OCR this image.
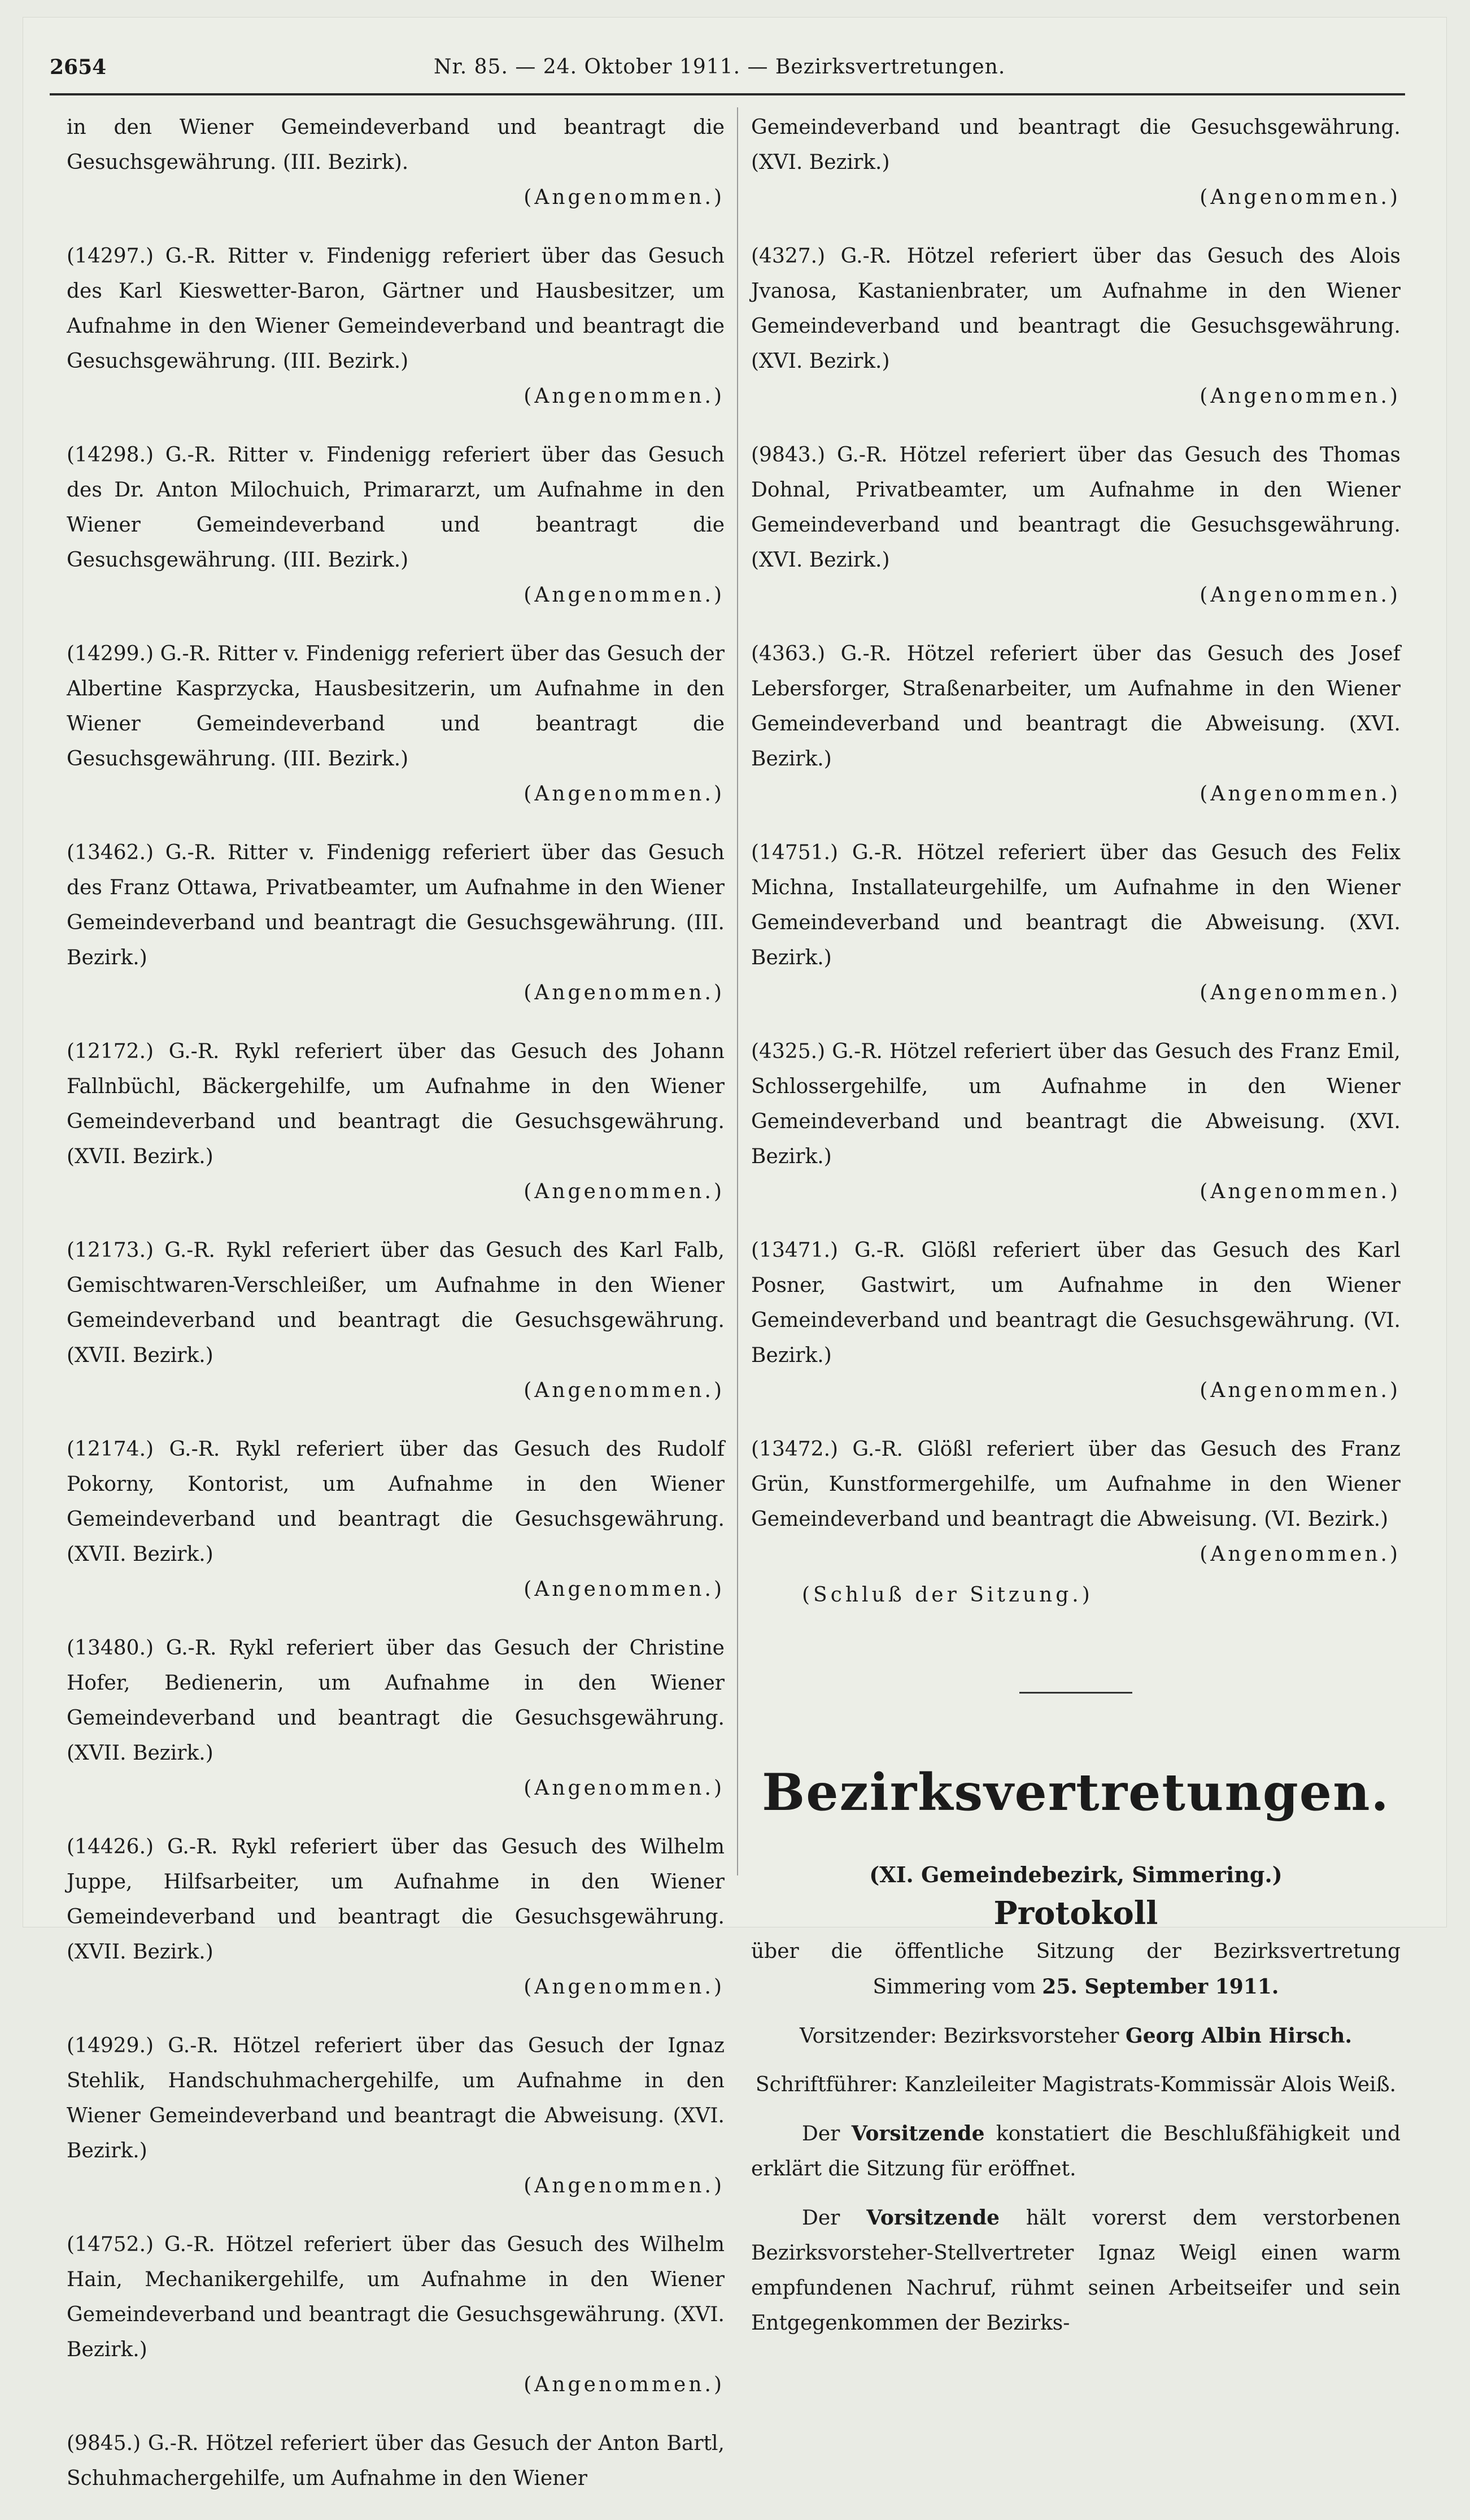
2654	Nr. 85. — 24. Oktober 1911. — Bezirksvertretungen.

in den Wiener Gemeindeverband und beantragt die Gesuchsgewährung. (III. Bezirk).

(Angenommen.)

(14297.) G.-R. Ritter v. Findenigg referiert über das Gesuch des Karl Kieswetter-Baron, Gärtner und Hausbesitzer, um Aufnahme in den Wiener Gemeindeverband und beantragt die Gesuchsgewährung. (III. Bezirk.)

(Angenommen.)

(14298.) G.-R. Ritter v. Findenigg referiert über das Gesuch des Dr. Anton Milochuich, Primararzt, um Aufnahme in den Wiener Gemeindeverband und beantragt die Gesuchsgewährung. (III. Bezirk.)

(Angenommen.)

(14299.) G.-R. Ritter v. Findenigg referiert über das Gesuch der Albertine Kasprzycka, Hausbesitzerin, um Aufnahme in den Wiener Gemeindeverband und beantragt die Gesuchsgewährung. (III. Bezirk.)

(Angenommen.)

(13462.) G.-R. Ritter v. Findenigg referiert über das Gesuch des Franz Ottawa, Privatbeamter, um Aufnahme in den Wiener Gemeindeverband und beantragt die Gesuchsgewährung. (III. Bezirk.)

(Angenommen.)

(12172.) G.-R. Rykl referiert über das Gesuch des Johann Fallnbüchl, Bäckergehilfe, um Aufnahme in den Wiener Gemeindeverband und beantragt die Gesuchsgewährung. (XVII. Bezirk.)

(Angenommen.)

(12173.) G.-R. Rykl referiert über das Gesuch des Karl Falb, Gemischtwaren-Verschleißer, um Aufnahme in den Wiener Gemeindeverband und beantragt die Gesuchsgewährung. (XVII. Bezirk.)

(Angenommen.)

(12174.) G.-R. Rykl referiert über das Gesuch des Rudolf Pokorny, Kontorist, um Aufnahme in den Wiener Gemeindeverband und beantragt die Gesuchsgewährung. (XVII. Bezirk.)

(Angenommen.)

(13480.) G.-R. Rykl referiert über das Gesuch der Christine Hofer, Bedienerin, um Aufnahme in den Wiener Gemeindeverband und beantragt die Gesuchsgewährung. (XVII. Bezirk.)

(Angenommen.)

(14426.) G.-R. Rykl referiert über das Gesuch des Wilhelm Juppe, Hilfsarbeiter, um Aufnahme in den Wiener Gemeindeverband und beantragt die Gesuchsgewährung. (XVII. Bezirk.)

(Angenommen.)

(14929.) G.-R. Hötzel referiert über das Gesuch der Ignaz Stehlik, Handschuhmachergehilfe, um Aufnahme in den Wiener Gemeindeverband und beantragt die Abweisung. (XVI. Bezirk.)

(Angenommen.)

(14752.) G.-R. Hötzel referiert über das Gesuch des Wilhelm Hain, Mechanikergehilfe, um Aufnahme in den Wiener Gemeindeverband und beantragt die Gesuchsgewährung. (XVI. Bezirk.)

(Angenommen.)

(9845.) G.-R. Hötzel referiert über das Gesuch der Anton Bartl, Schuhmachergehilfe, um Aufnahme in den Wiener

Gemeindeverband und beantragt die Gesuchsgewährung. (XVI. Bezirk.)

(Angenommen.)

(4327.) G.-R. Hötzel referiert über das Gesuch des Alois Jvanosa, Kastanienbrater, um Aufnahme in den Wiener Gemeindeverband und beantragt die Gesuchsgewährung. (XVI. Bezirk.)

(Angenommen.)

(9843.) G.-R. Hötzel referiert über das Gesuch des Thomas Dohnal, Privatbeamter, um Aufnahme in den Wiener Gemeindeverband und beantragt die Gesuchsgewährung. (XVI. Bezirk.)

(Angenommen.)

(4363.) G.-R. Hötzel referiert über das Gesuch des Josef Lebersforger, Straßenarbeiter, um Aufnahme in den Wiener Gemeindeverband und beantragt die Abweisung. (XVI. Bezirk.)

(Angenommen.)

(14751.) G.-R. Hötzel referiert über das Gesuch des Felix Michna, Installateurgehilfe, um Aufnahme in den Wiener Gemeindeverband und beantragt die Abweisung. (XVI. Bezirk.)

(Angenommen.)

(4325.) G.-R. Hötzel referiert über das Gesuch des Franz Emil, Schlossergehilfe, um Aufnahme in den Wiener Gemeindeverband und beantragt die Abweisung. (XVI. Bezirk.)

(Angenommen.)

(13471.) G.-R. Glößl referiert über das Gesuch des Karl Posner, Gastwirt, um Aufnahme in den Wiener Gemeindeverband und beantragt die Gesuchsgewährung. (VI. Bezirk.)

(Angenommen.)

(13472.) G.-R. Glößl referiert über das Gesuch des Franz Grün, Kunstformergehilfe, um Aufnahme in den Wiener Gemeindeverband und beantragt die Abweisung. (VI. Bezirk.)

(Angenommen.)

(Schluß der Sitzung.)

Bezirksvertretungen.
(XI. Gemeindebezirk, Simmering.)
Protokoll
über die öffentliche Sitzung der Bezirksvertretung
Simmering vom 25. September 1911.
Vorsitzender: Bezirksvorsteher Georg Albin Hirsch.
Schriftführer: Kanzleileiter Magistrats-Kommissär Alois Weiß.

Der Vorsitzende konstatiert die Beschlußfähigkeit und erklärt die Sitzung für eröffnet.

Der Vorsitzende hält vorerst dem verstorbenen Bezirksvorsteher-Stellvertreter Ignaz Weigl einen warm empfundenen Nachruf, rühmt seinen Arbeitseifer und sein Entgegenkommen der Bezirks-
